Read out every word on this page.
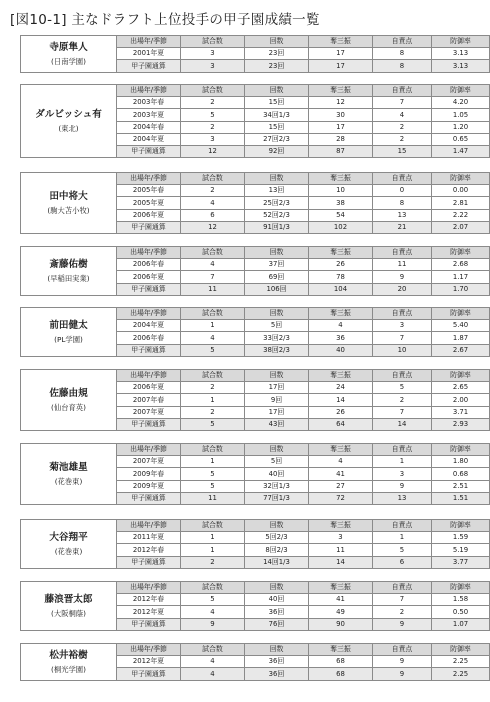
[図10-1] 主なドラフト上位投手の甲子園成績一覧
寺原隼人
(日南学園)	出場年/季節	試合数	回数	奪三振	自責点	防御率
	2001年夏	3	23回	17	8	3.13
	甲子園通算	3	23回	17	8	3.13
ダルビッシュ有
(東北)	出場年/季節	試合数	回数	奪三振	自責点	防御率
	2003年春	2	15回	12	7	4.20
	2003年夏	5	34回1/3	30	4	1.05
	2004年春	2	15回	17	2	1.20
	2004年夏	3	27回2/3	28	2	0.65
	甲子園通算	12	92回	87	15	1.47
田中将大
(駒大苫小牧)	出場年/季節	試合数	回数	奪三振	自責点	防御率
	2005年春	2	13回	10	0	0.00
	2005年夏	4	25回2/3	38	8	2.81
	2006年夏	6	52回2/3	54	13	2.22
	甲子園通算	12	91回1/3	102	21	2.07
斎藤佑樹
(早稲田実業)	出場年/季節	試合数	回数	奪三振	自責点	防御率
	2006年春	4	37回	26	11	2.68
	2006年夏	7	69回	78	9	1.17
	甲子園通算	11	106回	104	20	1.70
前田健太
(PL学園)	出場年/季節	試合数	回数	奪三振	自責点	防御率
	2004年夏	1	5回	4	3	5.40
	2006年春	4	33回2/3	36	7	1.87
	甲子園通算	5	38回2/3	40	10	2.67
佐藤由規
(仙台育英)	出場年/季節	試合数	回数	奪三振	自責点	防御率
	2006年夏	2	17回	24	5	2.65
	2007年春	1	9回	14	2	2.00
	2007年夏	2	17回	26	7	3.71
	甲子園通算	5	43回	64	14	2.93
菊池雄星
(花巻東)	出場年/季節	試合数	回数	奪三振	自責点	防御率
	2007年夏	1	5回	4	1	1.80
	2009年春	5	40回	41	3	0.68
	2009年夏	5	32回1/3	27	9	2.51
	甲子園通算	11	77回1/3	72	13	1.51
大谷翔平
(花巻東)	出場年/季節	試合数	回数	奪三振	自責点	防御率
	2011年夏	1	5回2/3	3	1	1.59
	2012年春	1	8回2/3	11	5	5.19
	甲子園通算	2	14回1/3	14	6	3.77
藤浪晋太郎
(大阪桐蔭)	出場年/季節	試合数	回数	奪三振	自責点	防御率
	2012年春	5	40回	41	7	1.58
	2012年夏	4	36回	49	2	0.50
	甲子園通算	9	76回	90	9	1.07
松井裕樹
(桐光学園)	出場年/季節	試合数	回数	奪三振	自責点	防御率
	2012年夏	4	36回	68	9	2.25
	甲子園通算	4	36回	68	9	2.25
